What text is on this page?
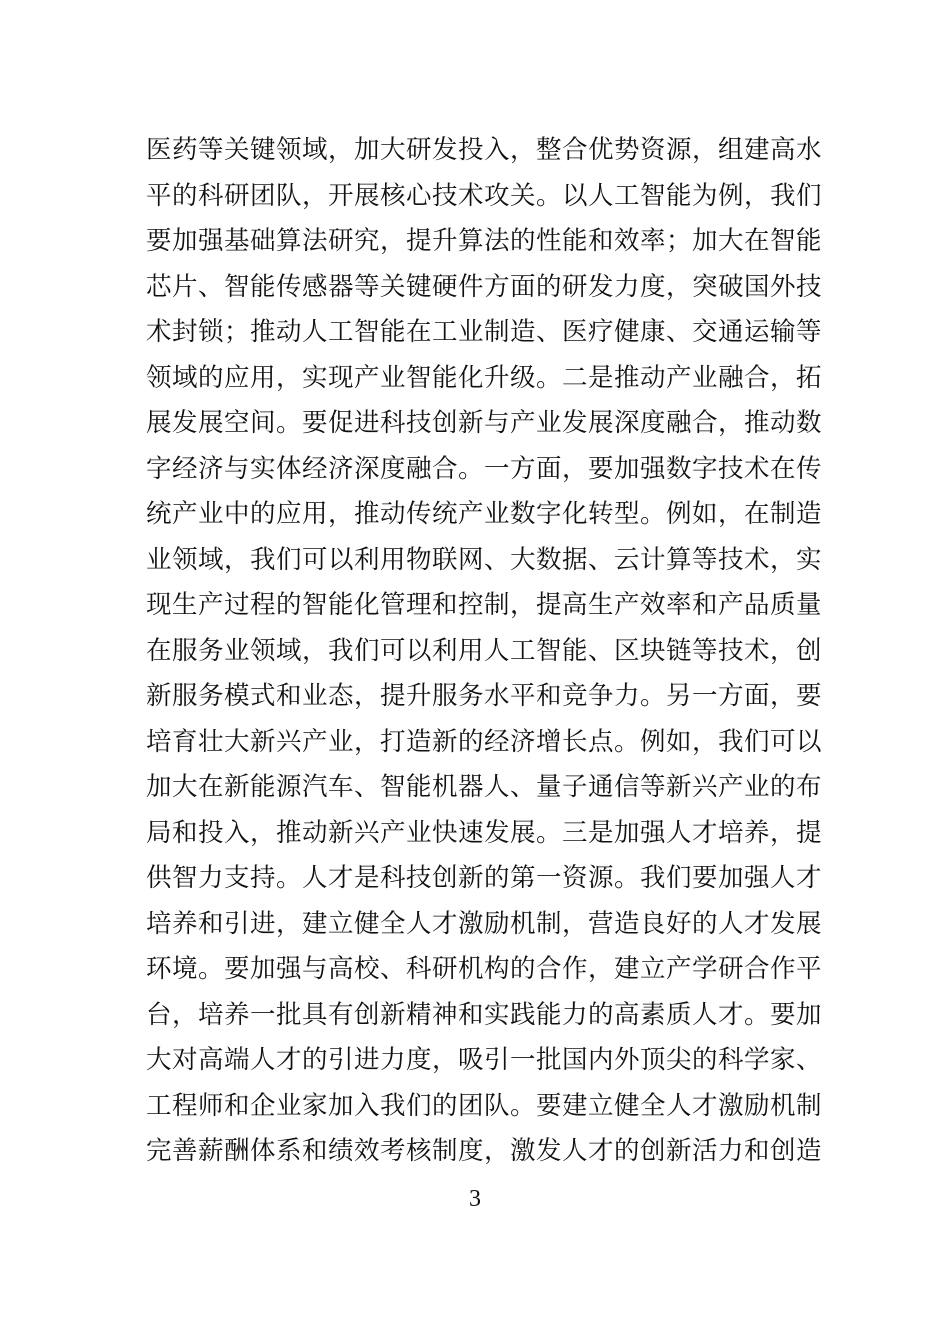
医药等关键领域，加大研发投入，整合优势资源，组建高水
平的科研团队，开展核心技术攻关。以人工智能为例，我们
要加强基础算法研究，提升算法的性能和效率；加大在智能
芯片、智能传感器等关键硬件方面的研发力度，突破国外技
术封锁；推动人工智能在工业制造、医疗健康、交通运输等
领域的应用，实现产业智能化升级。二是推动产业融合，拓
展发展空间。要促进科技创新与产业发展深度融合，推动数
字经济与实体经济深度融合。一方面，要加强数字技术在传
统产业中的应用，推动传统产业数字化转型。例如，在制造
业领域，我们可以利用物联网、大数据、云计算等技术，实
现生产过程的智能化管理和控制，提高生产效率和产品质量
在服务业领域，我们可以利用人工智能、区块链等技术，创
新服务模式和业态，提升服务水平和竞争力。另一方面，要
培育壮大新兴产业，打造新的经济增长点。例如，我们可以
加大在新能源汽车、智能机器人、量子通信等新兴产业的布
局和投入，推动新兴产业快速发展。三是加强人才培养，提
供智力支持。人才是科技创新的第一资源。我们要加强人才
培养和引进，建立健全人才激励机制，营造良好的人才发展
环境。要加强与高校、科研机构的合作，建立产学研合作平
台，培养一批具有创新精神和实践能力的高素质人才。要加
大对高端人才的引进力度，吸引一批国内外顶尖的科学家、
工程师和企业家加入我们的团队。要建立健全人才激励机制
完善薪酬体系和绩效考核制度，激发人才的创新活力和创造
3
